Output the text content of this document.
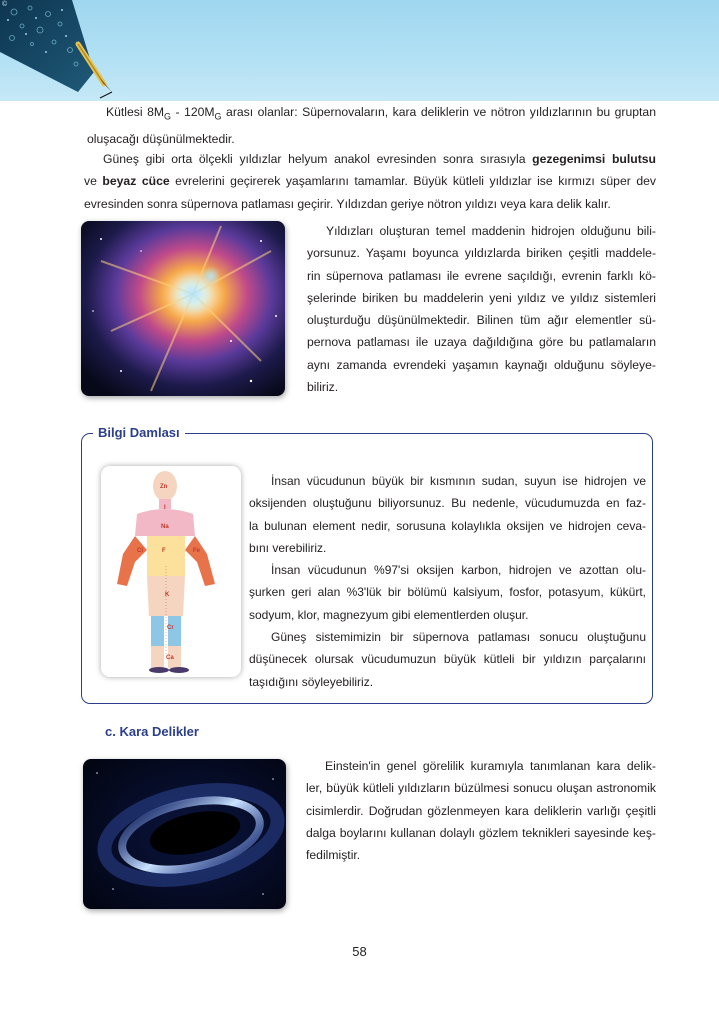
©

Kütlesi $8M_G - 120M_G$ arası olanlar: Süpernovaların, kara deliklerin ve nötron yıldızlarının bu gruptan
oluşacağı düşünülmektedir.

Güneş gibi orta ölçekli yıldızlar helyum anakol evresinden sonra sırasıyla gezegenimsi bulutsu
ve beyaz cüce evrelerini geçirerek yaşamlarını tamamlar. Büyük kütleli yıldızlar ise kırmızı süper dev
evresinden sonra süpernova patlaması geçirir. Yıldızdan geriye nötron yıldızı veya kara delik kalır.

Yıldızları oluşturan temel maddenin hidrojen olduğunu bili-
yorsunuz. Yaşamı boyunca yıldızlarda biriken çeşitli maddele-
rin süpernova patlaması ile evrene saçıldığı, evrenin farklı kö-
şelerinde biriken bu maddelerin yeni yıldız ve yıldız sistemleri
oluşturduğu düşünülmektedir. Bilinen tüm ağır elementler sü-
pernova patlaması ile uzaya dağıldığına göre bu patlamaların
aynı zamanda evrendeki yaşamın kaynağı olduğunu söyleye-
biliriz.

Bilgi Damlası
Zn
I
Na
Cl	F	Fe
K
Cr
Ca

İnsan vücudunun büyük bir kısmının sudan, suyun ise hidrojen ve
oksijenden oluştuğunu biliyorsunuz. Bu nedenle, vücudumuzda en faz-
la bulunan element nedir, sorusuna kolaylıkla oksijen ve hidrojen ceva-
bını verebiliriz.
İnsan vücudunun %97'si oksijen karbon, hidrojen ve azottan olu-
şurken geri alan %3'lük bir bölümü kalsiyum, fosfor, potasyum, kükürt,
sodyum, klor, magnezyum gibi elementlerden oluşur.
Güneş sistemimizin bir süpernova patlaması sonucu oluştuğunu
düşünecek olursak vücudumuzun büyük kütleli bir yıldızın parçalarını
taşıdığını söyleyebiliriz.

c. Kara Delikler

Einstein'in genel görelilik kuramıyla tanımlanan kara delik-
ler, büyük kütleli yıldızların büzülmesi sonucu oluşan astronomik
cisimlerdir. Doğrudan gözlenmeyen kara deliklerin varlığı çeşitli
dalga boylarını kullanan dolaylı gözlem teknikleri sayesinde keş-
fedilmiştir.

58
